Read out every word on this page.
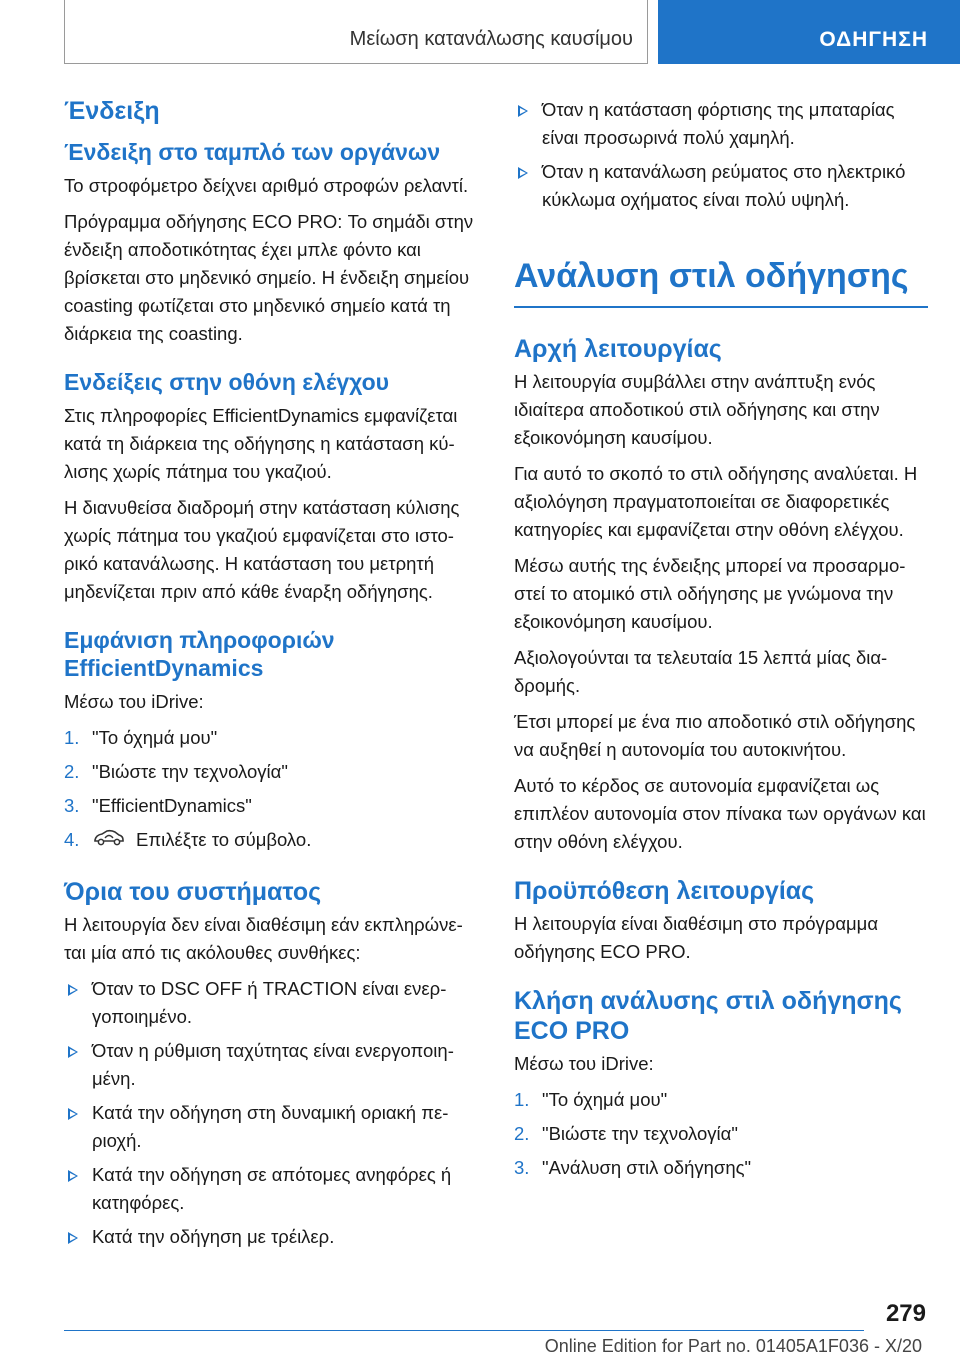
Μείωση κατανάλωσης καυσίμου	ΟΔΗΓΗΣΗ
Ένδειξη
Ένδειξη στο ταμπλό των οργάνων

Το στροφόμετρο δείχνει αριθμό στροφών ρελαντί.

Πρόγραμμα οδήγησης ECO PRO: Το σημάδι στην ένδειξη αποδοτικότητας έχει μπλε φόντο και βρίσκεται στο μηδενικό σημείο. Η ένδειξη σημείου coasting φωτίζεται στο μηδενικό σημείο κατά τη διάρκεια της coasting.

Ενδείξεις στην οθόνη ελέγχου

Στις πληροφορίες EfficientDynamics εμφανίζεται κατά τη διάρκεια της οδήγησης η κατάσταση κύλισης χωρίς πάτημα του γκαζιού.

Η διανυθείσα διαδρομή στην κατάσταση κύλισης χωρίς πάτημα του γκαζιού εμφανίζεται στο ιστορικό κατανάλωσης. Η κατάσταση του μετρητή μηδενίζεται πριν από κάθε έναρξη οδήγησης.

Εμφάνιση πληροφοριών EfficientDynamics

Μέσω του iDrive:

1. "Το όχημά μου"
2. "Βιώστε την τεχνολογία"
3. "EfficientDynamics"
4.	Επιλέξτε το σύμβολο.
Όρια του συστήματος

Η λειτουργία δεν είναι διαθέσιμη εάν εκπληρώνεται μία από τις ακόλουθες συνθήκες:

Όταν το DSC OFF ή TRACTION είναι ενεργοποιημένο.
Όταν η ρύθμιση ταχύτητας είναι ενεργοποιημένη.
Κατά την οδήγηση στη δυναμική οριακή περιοχή.
Κατά την οδήγηση σε απότομες ανηφόρες ή κατηφόρες.
Κατά την οδήγηση με τρέιλερ.
Όταν η κατάσταση φόρτισης της μπαταρίας είναι προσωρινά πολύ χαμηλή.
Όταν η κατανάλωση ρεύματος στο ηλεκτρικό κύκλωμα οχήματος είναι πολύ υψηλή.
Ανάλυση στιλ οδήγησης
Αρχή λειτουργίας

Η λειτουργία συμβάλλει στην ανάπτυξη ενός ιδιαίτερα αποδοτικού στιλ οδήγησης και στην εξοικονόμηση καυσίμου.

Για αυτό το σκοπό το στιλ οδήγησης αναλύεται. Η αξιολόγηση πραγματοποιείται σε διαφορετικές κατηγορίες και εμφανίζεται στην οθόνη ελέγχου.

Μέσω αυτής της ένδειξης μπορεί να προσαρμοστεί το ατομικό στιλ οδήγησης με γνώμονα την εξοικονόμηση καυσίμου.

Αξιολογούνται τα τελευταία 15 λεπτά μίας διαδρομής.

Έτσι μπορεί με ένα πιο αποδοτικό στιλ οδήγησης να αυξηθεί η αυτονομία του αυτοκινήτου.

Αυτό το κέρδος σε αυτονομία εμφανίζεται ως επιπλέον αυτονομία στον πίνακα των οργάνων και στην οθόνη ελέγχου.

Προϋπόθεση λειτουργίας

Η λειτουργία είναι διαθέσιμη στο πρόγραμμα οδήγησης ECO PRO.

Κλήση ανάλυσης στιλ οδήγησης ECO PRO

Μέσω του iDrive:

1. "Το όχημά μου"
2. "Βιώστε την τεχνολογία"
3. "Ανάλυση στιλ οδήγησης"
279
Online Edition for Part no. 01405A1F036 - X/20
